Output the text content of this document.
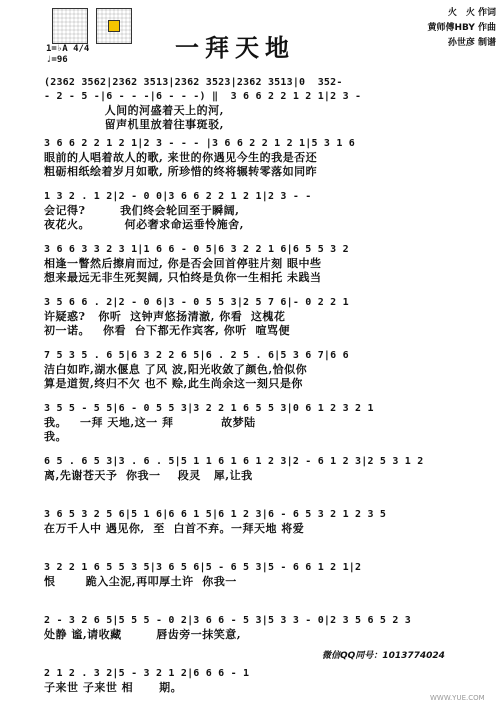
一拜天地
火　火 作词
黄师傅HBY 作曲
孙世彦 制谱
1=♭A 4/4
♩=96
(2362 3562|2362 3513|2362 3523|2362 3513|0  352-
- 2 - 5 -|6 - - -|6 - - -) ‖  3 6 6 2 2 1 2 1|2 3 -
人间的河盛着天上的河,
留声机里放着往事斑驳,
3 6 6 2 2 1 2 1|2 3 - - - |3 6 6 2 2 1 2 1|5 3 1 6
眼前的人唱着故人的歌, 来世的你遇见今生的我是否还
粗砺相纸绘着岁月如歌, 所珍惜的终将辗转零落如同昨
1 3 2 . 1 2|2 - 0 0|3 6 6 2 2 1 2 1|2 3 - -
会记得?        我们终会轮回至于瞬阔,
夜花火。        何必奢求命运垂怜施舍,
3 6 6 3 3 2 3 1|1 6 6 - 0 5|6 3 2 2 1 6|6 5 5 3 2
相逢一瞥然后擦肩而过, 你是否会回首停驻片刻 眼中些
想来最远无非生死契阔, 只怕终是负你一生相托 未践当
3 5 6 6 . 2|2 - 0 6|3 - 0 5 5 3|2 5 7 6|- 0 2 2 1
许疑惑?   你听  这钟声悠扬清澈, 你看  这槐花
初一诺。   你看  台下都无作宾客, 你听  喧骂便
7 5 3 5 . 6 5|6 3 2 2 6 5|6 . 2 5 . 6|5 3 6 7|6 6
洁白如昨,湖水偃息 了风 波,阳光收敛了颜色,恰似你
算是道贺,终归不欠 也不 赊,此生尚余这一刻只是你
3 5 5 - 5 5|6 - 0 5 5 3|3 2 2 1 6 5 5 3|0 6 1 2 3 2 1
我。   一拜 天地,这一 拜           故梦陆
我。
6 5 . 6 5 3|3 . 6 . 5|5 1 1 6 1 6 1 2 3|2 - 6 1 2 3|2 5 3 1 2
离,先谢苍天予  你我一    段灵   犀,让我
3 6 5 3 2 5 6|5 1 6|6 6 1 5|6 1 2 3|6 - 6 5 3 2 1 2 3 5
在万千人中 遇见你,  至  白首不弃。一拜天地 将爱
3 2 2 1 6 5 5 3 5|3 6 5 6|5 - 6 5 3|5 - 6 6 1 2 1|2
恨       跪入尘泥,再叩厚土许  你我一
2 - 3 2 6 5|5 5 5 - 0 2|3 6 6 - 5 3|5 3 3 - 0|2 3 5 6 5 2 3
处静 谧,请收藏        唇齿旁一抹笑意,
2 1 2 . 3 2|5 - 3 2 1 2|6 6 6 - 1
子来世 子来世 相      期。
微信QQ同号：1013774024
WWW.YUE.COM
